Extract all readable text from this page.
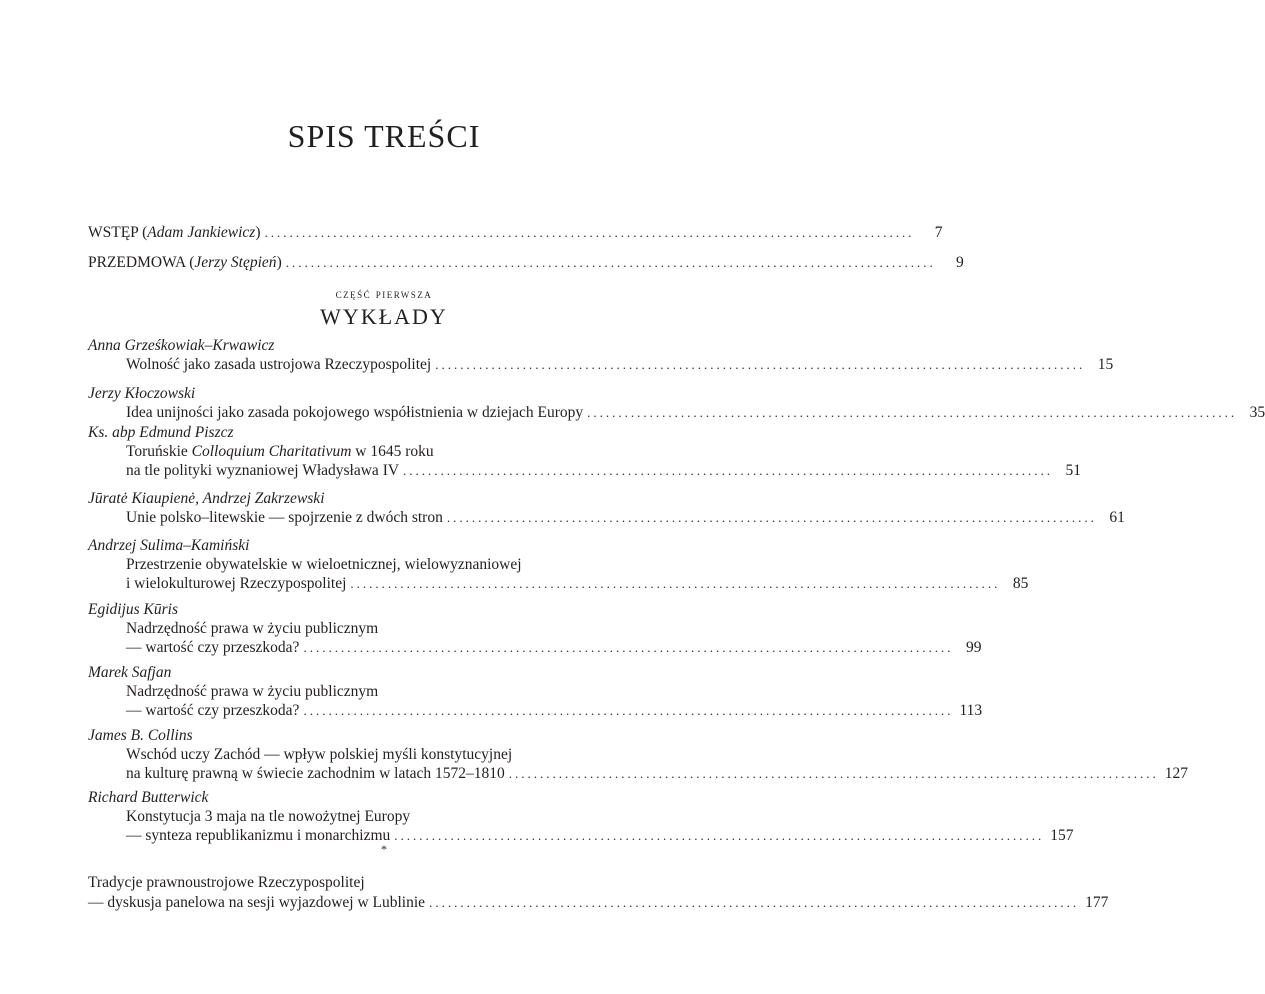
SPIS TREŚCI
WSTĘP (Adam Jankiewicz) ........................................................................................................	7
PRZEDMOWA (Jerzy Stępień) ........................................................................................................	9
część pierwsza
WYKŁADY
Anna Grześkowiak–Krwawicz
Wolność jako zasada ustrojowa Rzeczypospolitej ........................................................................................................ 15
Jerzy Kłoczowski
Idea unijności jako zasada pokojowego współistnienia w dziejach Europy ........................................................................................................ 35
Ks. abp Edmund Piszcz
Toruńskie Colloquium Charitativum w 1645 roku
na tle polityki wyznaniowej Władysława IV ........................................................................................................ 51
Jūratė Kiaupienė, Andrzej Zakrzewski
Unie polsko–litewskie — spojrzenie z dwóch stron ........................................................................................................ 61
Andrzej Sulima–Kamiński
Przestrzenie obywatelskie w wieloetnicznej, wielowyznaniowej
i wielokulturowej Rzeczypospolitej ........................................................................................................ 85
Egidijus Kūris
Nadrzędność prawa w życiu publicznym
— wartość czy przeszkoda? ........................................................................................................ 99
Marek Safjan
Nadrzędność prawa w życiu publicznym
— wartość czy przeszkoda? ........................................................................................................ 113
James B. Collins
Wschód uczy Zachód — wpływ polskiej myśli konstytucyjnej
na kulturę prawną w świecie zachodnim w latach 1572–1810 ........................................................................................................ 127
Richard Butterwick
Konstytucja 3 maja na tle nowożytnej Europy
— synteza republikanizmu i monarchizmu ........................................................................................................ 157
*
Tradycje prawnoustrojowe Rzeczypospolitej
— dyskusja panelowa na sesji wyjazdowej w Lublinie ........................................................................................................ 177
